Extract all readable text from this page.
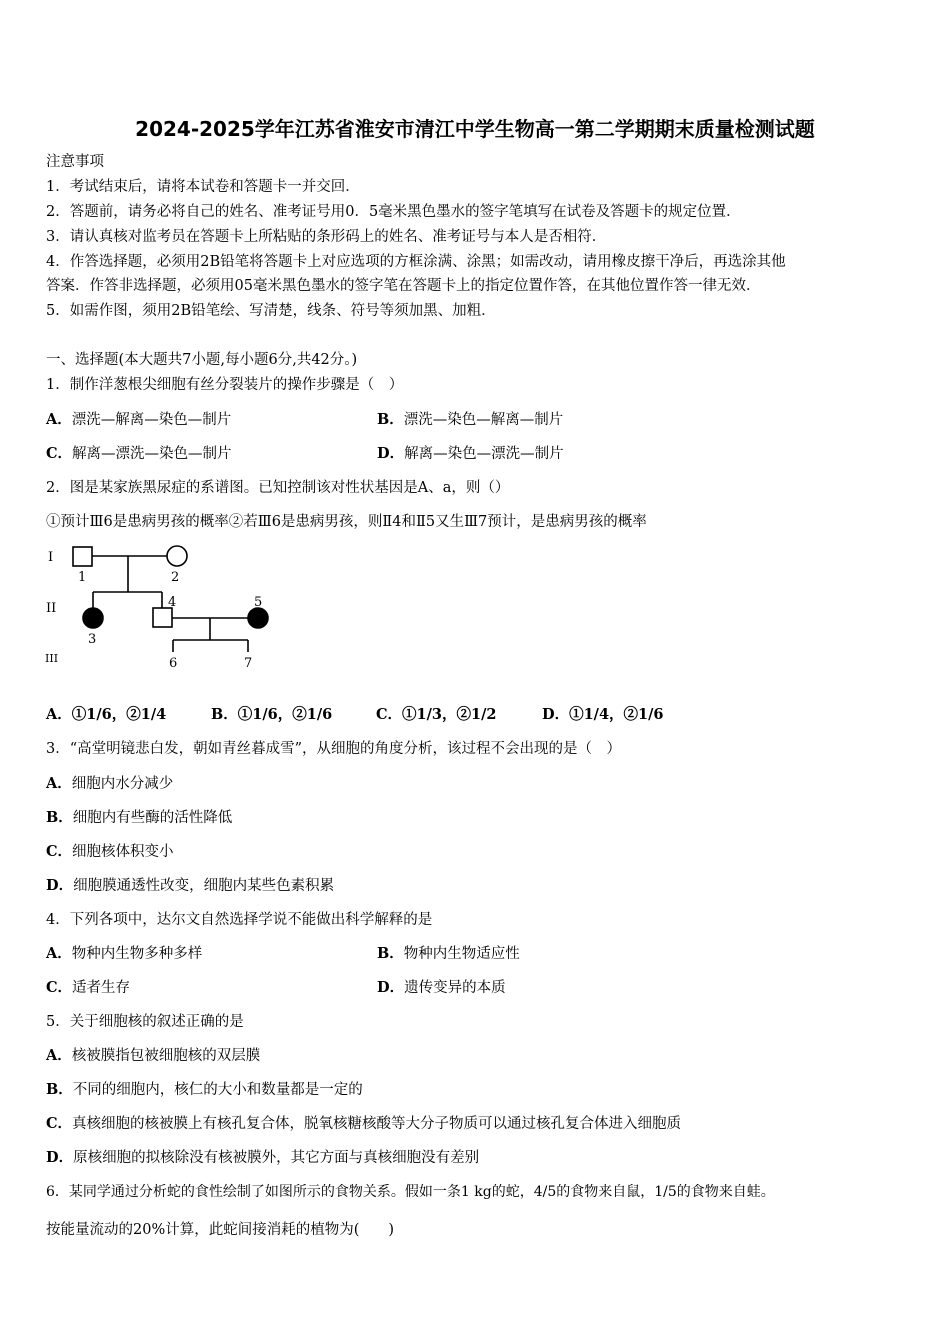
2024-2025学年江苏省淮安市清江中学生物高一第二学期期末质量检测试题
注意事项
1．考试结束后，请将本试卷和答题卡一并交回．
2．答题前，请务必将自己的姓名、准考证号用0．5毫米黑色墨水的签字笔填写在试卷及答题卡的规定位置．
3．请认真核对监考员在答题卡上所粘贴的条形码上的姓名、准考证号与本人是否相符．
4．作答选择题，必须用2B铅笔将答题卡上对应选项的方框涂满、涂黑；如需改动，请用橡皮擦干净后，再选涂其他
答案．作答非选择题，必须用05毫米黑色墨水的签字笔在答题卡上的指定位置作答，在其他位置作答一律无效．
5．如需作图，须用2B铅笔绘、写清楚，线条、符号等须加黑、加粗．
一、选择题(本大题共7小题,每小题6分,共42分。)
1．制作洋葱根尖细胞有丝分裂装片的操作步骤是（　）
A．漂洗—解离—染色—制片	B．漂洗—染色—解离—制片
C．解离—漂洗—染色—制片	D．解离—染色—漂洗—制片
2．图是某家族黑尿症的系谱图。已知控制该对性状基因是A、a，则（）
①预计Ⅲ6是患病男孩的概率②若Ⅲ6是患病男孩，则Ⅱ4和Ⅱ5又生Ⅲ7预计，是患病男孩的概率
I
II
III
1	2
3
4	5
6	7
A．①1/6，②1/4	B．①1/6，②1/6	C．①1/3，②1/2	D．①1/4，②1/6
3．“高堂明镜悲白发，朝如青丝暮成雪”，从细胞的角度分析，该过程不会出现的是（　）
A．细胞内水分减少
B．细胞内有些酶的活性降低
C．细胞核体积变小
D．细胞膜通透性改变，细胞内某些色素积累
4．下列各项中，达尔文自然选择学说不能做出科学解释的是
A．物种内生物多种多样	B．物种内生物适应性
C．适者生存	D．遗传变异的本质
5．关于细胞核的叙述正确的是
A．核被膜指包被细胞核的双层膜
B．不同的细胞内，核仁的大小和数量都是一定的
C．真核细胞的核被膜上有核孔复合体，脱氧核糖核酸等大分子物质可以通过核孔复合体进入细胞质
D．原核细胞的拟核除没有核被膜外，其它方面与真核细胞没有差别
6．某同学通过分析蛇的食性绘制了如图所示的食物关系。假如一条1 kg的蛇，4/5的食物来自鼠，1/5的食物来自蛙。
按能量流动的20%计算，此蛇间接消耗的植物为(　　)
